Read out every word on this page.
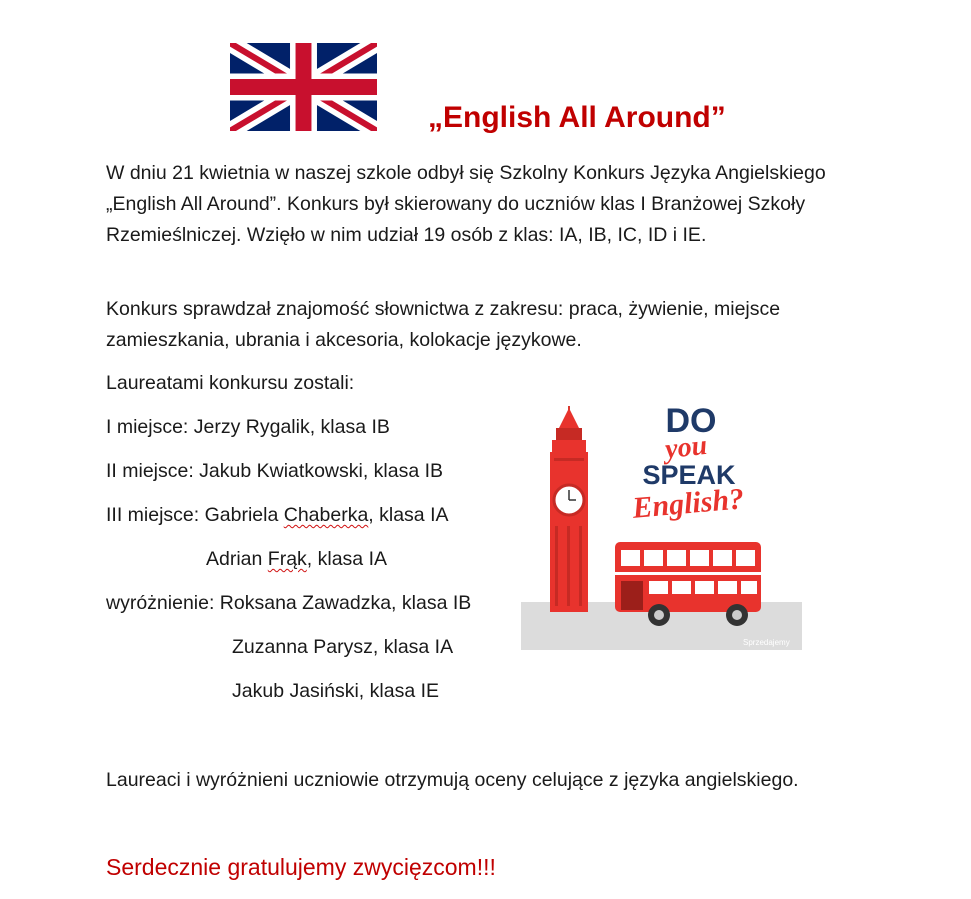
„English All Around”

W dniu 21 kwietnia w naszej szkole odbył się Szkolny Konkurs Języka Angielskiego „English All Around”. Konkurs był skierowany do uczniów klas I Branżowej Szkoły Rzemieślniczej. Wzięło w nim udział 19 osób z klas: IA, IB, IC, ID i IE.

Konkurs sprawdzał znajomość słownictwa z zakresu: praca, żywienie, miejsce zamieszkania, ubrania i akcesoria, kolokacje językowe.

Laureatami konkursu zostali:
I miejsce: Jerzy Rygalik, klasa IB
II miejsce: Jakub Kwiatkowski, klasa IB
III miejsce: Gabriela Chaberka, klasa IA
Adrian Frąk, klasa IA
wyróżnienie: Roksana Zawadzka, klasa IB
Zuzanna Parysz, klasa IA
Jakub Jasiński, klasa IE
Laureaci i wyróżnieni uczniowie otrzymują oceny celujące z języka angielskiego.
Serdecznie gratulujemy zwycięzcom!!!
DO
you
SPEAK
English?
Sprzedajemy
